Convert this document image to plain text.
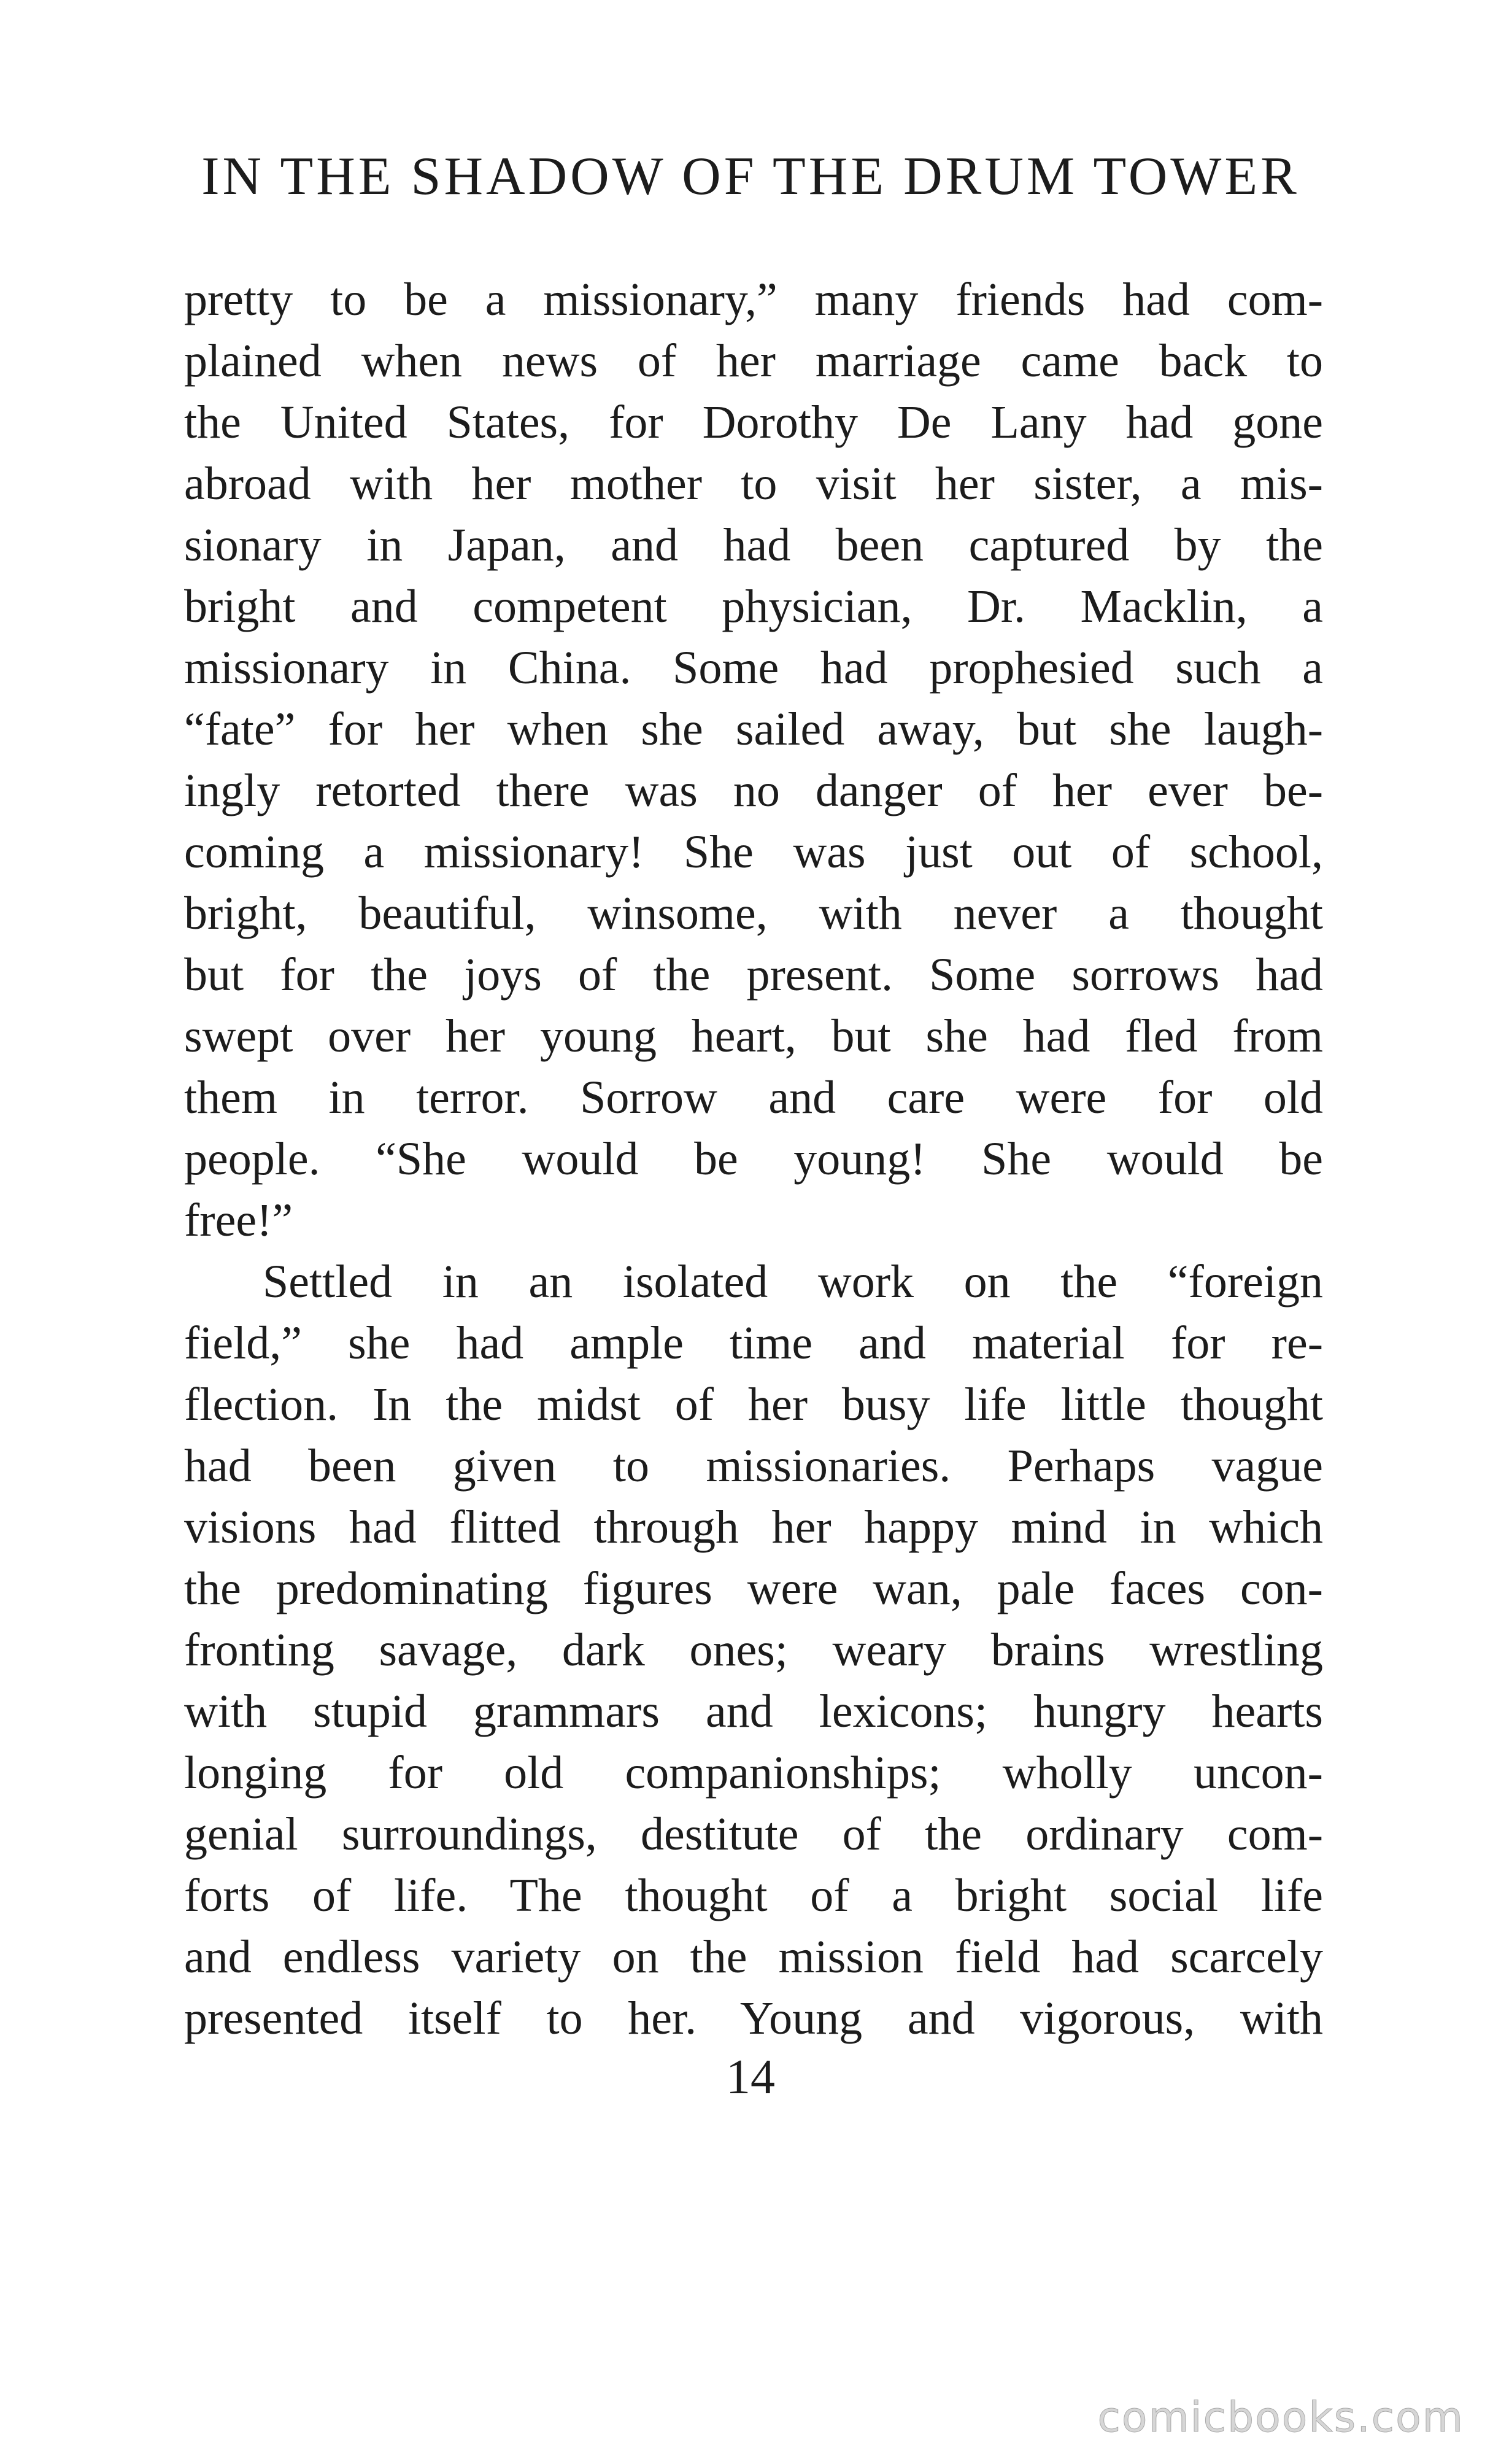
IN THE SHADOW OF THE DRUM TOWER
pretty to be a missionary,” many friends had com-
plained when news of her marriage came back to
the United States, for Dorothy De Lany had gone
abroad with her mother to visit her sister, a mis-
sionary in Japan, and had been captured by the
bright and competent physician, Dr. Macklin, a
missionary in China. Some had prophesied such a
“fate” for her when she sailed away, but she laugh-
ingly retorted there was no danger of her ever be-
coming a missionary! She was just out of school,
bright, beautiful, winsome, with never a thought
but for the joys of the present. Some sorrows had
swept over her young heart, but she had fled from
them in terror. Sorrow and care were for old
people. “She would be young! She would be
free!”
Settled in an isolated work on the “foreign
field,” she had ample time and material for re-
flection. In the midst of her busy life little thought
had been given to missionaries. Perhaps vague
visions had flitted through her happy mind in which
the predominating figures were wan, pale faces con-
fronting savage, dark ones; weary brains wrestling
with stupid grammars and lexicons; hungry hearts
longing for old companionships; wholly uncon-
genial surroundings, destitute of the ordinary com-
forts of life. The thought of a bright social life
and endless variety on the mission field had scarcely
presented itself to her. Young and vigorous, with
14
comicbooks.com
